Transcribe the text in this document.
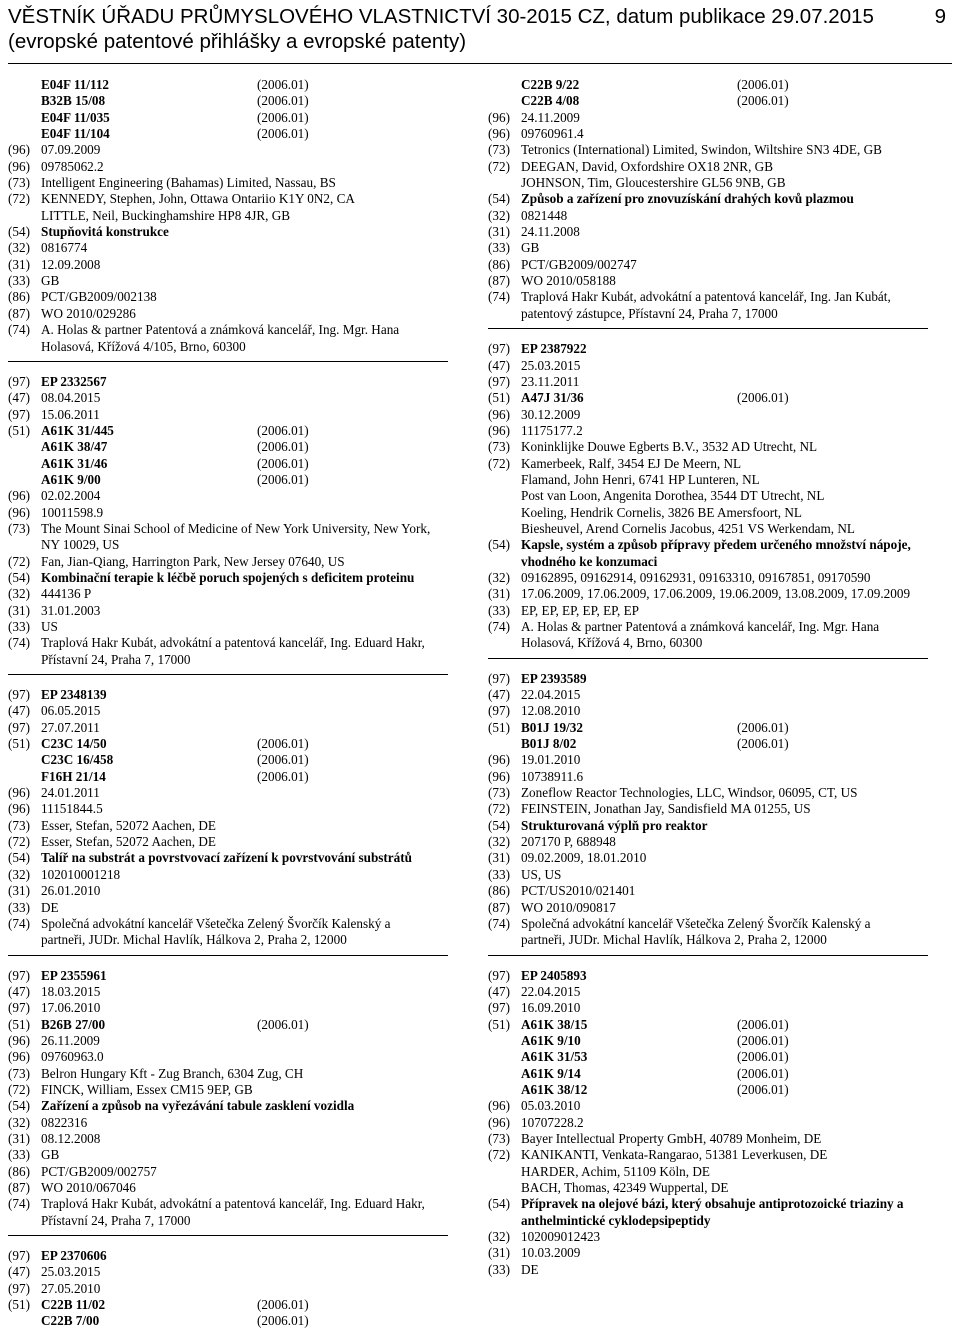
VĚSTNÍK ÚŘADU PRŮMYSLOVÉHO VLASTNICTVÍ 30-2015 CZ, datum publikace 29.07.2015
(evropské patentové přihlášky a evropské patenty)
9
E04F 11/112	(2006.01)
B32B 15/08	(2006.01)
E04F 11/035	(2006.01)
E04F 11/104	(2006.01)
(96) 07.09.2009
(96) 09785062.2
(73) Intelligent Engineering (Bahamas) Limited, Nassau, BS
(72) KENNEDY, Stephen, John, Ottawa Ontariio K1Y 0N2, CA
LITTLE, Neil, Buckinghamshire HP8 4JR, GB
(54) Stupňovitá konstrukce
(32) 0816774
(31) 12.09.2008
(33) GB
(86) PCT/GB2009/002138
(87) WO 2010/029286
(74) A. Holas & partner Patentová a známková kancelář, Ing. Mgr. Hana
Holasová, Křížová 4/105, Brno, 60300
(97) EP 2332567
(47) 08.04.2015
(97) 15.06.2011
(51) A61K 31/445	(2006.01)
A61K 38/47	(2006.01)
A61K 31/46	(2006.01)
A61K 9/00	(2006.01)
(96) 02.02.2004
(96) 10011598.9
(73) The Mount Sinai School of Medicine of New York University, New York,
NY 10029, US
(72) Fan, Jian-Qiang, Harrington Park, New Jersey 07640, US
(54) Kombinační terapie k léčbě poruch spojených s deficitem proteinu
(32) 444136 P
(31) 31.01.2003
(33) US
(74) Traplová Hakr Kubát, advokátní a patentová kancelář, Ing. Eduard Hakr,
Přístavní 24, Praha 7, 17000
(97) EP 2348139
(47) 06.05.2015
(97) 27.07.2011
(51) C23C 14/50	(2006.01)
C23C 16/458	(2006.01)
F16H 21/14	(2006.01)
(96) 24.01.2011
(96) 11151844.5
(73) Esser, Stefan, 52072 Aachen, DE
(72) Esser, Stefan, 52072 Aachen, DE
(54) Talíř na substrát a povrstvovací zařízení k povrstvování substrátů
(32) 102010001218
(31) 26.01.2010
(33) DE
(74) Společná advokátní kancelář Všetečka Zelený Švorčík Kalenský a
partneři, JUDr. Michal Havlík, Hálkova 2, Praha 2, 12000
(97) EP 2355961
(47) 18.03.2015
(97) 17.06.2010
(51) B26B 27/00	(2006.01)
(96) 26.11.2009
(96) 09760963.0
(73) Belron Hungary Kft - Zug Branch, 6304 Zug, CH
(72) FINCK, William, Essex CM15 9EP, GB
(54) Zařízení a způsob na vyřezávání tabule zasklení vozidla
(32) 0822316
(31) 08.12.2008
(33) GB
(86) PCT/GB2009/002757
(87) WO 2010/067046
(74) Traplová Hakr Kubát, advokátní a patentová kancelář, Ing. Eduard Hakr,
Přístavní 24, Praha 7, 17000
(97) EP 2370606
(47) 25.03.2015
(97) 27.05.2010
(51) C22B 11/02	(2006.01)
C22B 7/00	(2006.01)
C22B 9/22	(2006.01)
C22B 4/08	(2006.01)
(96) 24.11.2009
(96) 09760961.4
(73) Tetronics (International) Limited, Swindon, Wiltshire SN3 4DE, GB
(72) DEEGAN, David, Oxfordshire OX18 2NR, GB
JOHNSON, Tim, Gloucestershire GL56 9NB, GB
(54) Způsob a zařízení pro znovuzískání drahých kovů plazmou
(32) 0821448
(31) 24.11.2008
(33) GB
(86) PCT/GB2009/002747
(87) WO 2010/058188
(74) Traplová Hakr Kubát, advokátní a patentová kancelář, Ing. Jan Kubát,
patentový zástupce, Přístavní 24, Praha 7, 17000
(97) EP 2387922
(47) 25.03.2015
(97) 23.11.2011
(51) A47J 31/36	(2006.01)
(96) 30.12.2009
(96) 11175177.2
(73) Koninklijke Douwe Egberts B.V., 3532 AD Utrecht, NL
(72) Kamerbeek, Ralf, 3454 EJ De Meern, NL
Flamand, John Henri, 6741 HP Lunteren, NL
Post van Loon, Angenita Dorothea, 3544 DT Utrecht, NL
Koeling, Hendrik Cornelis, 3826 BE Amersfoort, NL
Biesheuvel, Arend Cornelis Jacobus, 4251 VS Werkendam, NL
(54) Kapsle, systém a způsob přípravy předem určeného množství nápoje,
vhodného ke konzumaci
(32) 09162895, 09162914, 09162931, 09163310, 09167851, 09170590
(31) 17.06.2009, 17.06.2009, 17.06.2009, 19.06.2009, 13.08.2009, 17.09.2009
(33) EP, EP, EP, EP, EP, EP
(74) A. Holas & partner Patentová a známková kancelář, Ing. Mgr. Hana
Holasová, Křížová 4, Brno, 60300
(97) EP 2393589
(47) 22.04.2015
(97) 12.08.2010
(51) B01J 19/32	(2006.01)
B01J 8/02	(2006.01)
(96) 19.01.2010
(96) 10738911.6
(73) Zoneflow Reactor Technologies, LLC, Windsor, 06095, CT, US
(72) FEINSTEIN, Jonathan Jay, Sandisfield MA 01255, US
(54) Strukturovaná výplň pro reaktor
(32) 207170 P, 688948
(31) 09.02.2009, 18.01.2010
(33) US, US
(86) PCT/US2010/021401
(87) WO 2010/090817
(74) Společná advokátní kancelář Všetečka Zelený Švorčík Kalenský a
partneři, JUDr. Michal Havlík, Hálkova 2, Praha 2, 12000
(97) EP 2405893
(47) 22.04.2015
(97) 16.09.2010
(51) A61K 38/15	(2006.01)
A61K 9/10	(2006.01)
A61K 31/53	(2006.01)
A61K 9/14	(2006.01)
A61K 38/12	(2006.01)
(96) 05.03.2010
(96) 10707228.2
(73) Bayer Intellectual Property GmbH, 40789 Monheim, DE
(72) KANIKANTI, Venkata-Rangarao, 51381 Leverkusen, DE
HARDER, Achim, 51109 Köln, DE
BACH, Thomas, 42349 Wuppertal, DE
(54) Přípravek na olejové bázi, který obsahuje antiprotozoické triaziny a
anthelmintické cyklodepsipeptidy
(32) 102009012423
(31) 10.03.2009
(33) DE
